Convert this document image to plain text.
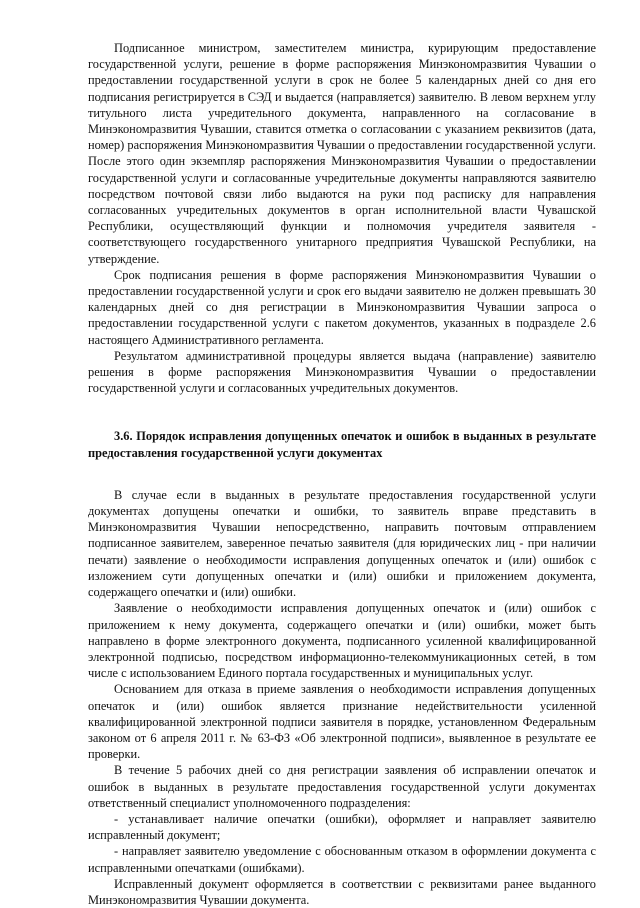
Подписанное министром, заместителем министра, курирующим предоставление государственной услуги, решение в форме распоряжения Минэкономразвития Чувашии о предоставлении государственной услуги в срок не более 5 календарных дней со дня его подписания регистрируется в СЭД и выдается (направляется) заявителю. В левом верхнем углу титульного листа учредительного документа, направленного на согласование в Минэкономразвития Чувашии, ставится отметка о согласовании с указанием реквизитов (дата, номер) распоряжения Минэкономразвития Чувашии о предоставлении государственной услуги. После этого один экземпляр распоряжения Минэкономразвития Чувашии о предоставлении государственной услуги и согласованные учредительные документы направляются заявителю посредством почтовой связи либо выдаются на руки под расписку для направления согласованных учредительных документов в орган исполнительной власти Чувашской Республики, осуществляющий функции и полномочия учредителя заявителя - соответствующего государственного унитарного предприятия Чувашской Республики, на утверждение.

Срок подписания решения в форме распоряжения Минэкономразвития Чувашии о предоставлении государственной услуги и срок его выдачи заявителю не должен превышать 30 календарных дней со дня регистрации в Минэкономразвития Чувашии запроса о предоставлении государственной услуги с пакетом документов, указанных в подразделе 2.6 настоящего Административного регламента.

Результатом административной процедуры является выдача (направление) заявителю решения в форме распоряжения Минэкономразвития Чувашии о предоставлении государственной услуги и согласованных учредительных документов.

3.6. Порядок исправления допущенных опечаток и ошибок в выданных в результате предоставления государственной услуги документах

В случае если в выданных в результате предоставления государственной услуги документах допущены опечатки и ошибки, то заявитель вправе представить в Минэкономразвития Чувашии непосредственно, направить почтовым отправлением подписанное заявителем, заверенное печатью заявителя (для юридических лиц - при наличии печати) заявление о необходимости исправления допущенных опечаток и (или) ошибок с изложением сути допущенных опечатки и (или) ошибки и приложением документа, содержащего опечатки и (или) ошибки.

Заявление о необходимости исправления допущенных опечаток и (или) ошибок с приложением к нему документа, содержащего опечатки и (или) ошибки, может быть направлено в форме электронного документа, подписанного усиленной квалифицированной электронной подписью, посредством информационно-телекоммуникационных сетей, в том числе с использованием Единого портала государственных и муниципальных услуг.

Основанием для отказа в приеме заявления о необходимости исправления допущенных опечаток и (или) ошибок является признание недействительности усиленной квалифицированной электронной подписи заявителя в порядке, установленном Федеральным законом от 6 апреля 2011 г. № 63-ФЗ «Об электронной подписи», выявленное в результате ее проверки.

В течение 5 рабочих дней со дня регистрации заявления об исправлении опечаток и ошибок в выданных в результате предоставления государственной услуги документах ответственный специалист уполномоченного подразделения:

- устанавливает наличие опечатки (ошибки), оформляет и направляет заявителю исправленный документ;

- направляет заявителю уведомление с обоснованным отказом в оформлении документа с исправленными опечатками (ошибками).

Исправленный документ оформляется в соответствии с реквизитами ранее выданного Минэкономразвития Чувашии документа.
